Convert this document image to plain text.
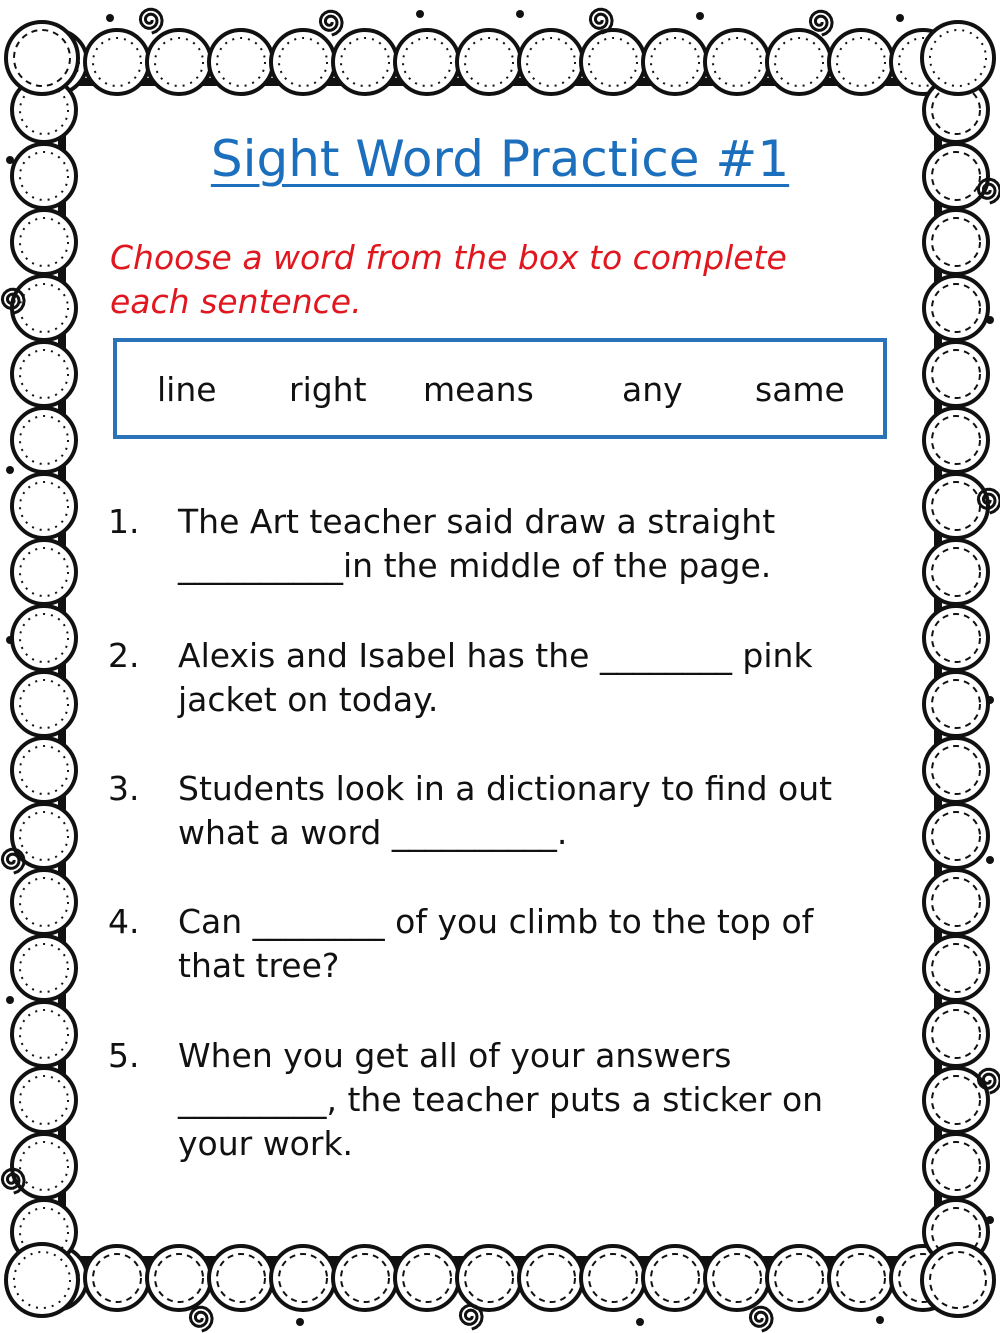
Sight Word Practice #1
Choose a word from the box to complete
each sentence.
line right means	any same
1. The Art teacher said draw a straight
__________in the middle of the page.
2. Alexis and Isabel has the ________ pink
jacket on today.
3. Students look in a dictionary to find out
what a word __________.
4. Can ________ of you climb to the top of
that tree?
5. When you get all of your answers
_________, the teacher puts a sticker on
your work.
